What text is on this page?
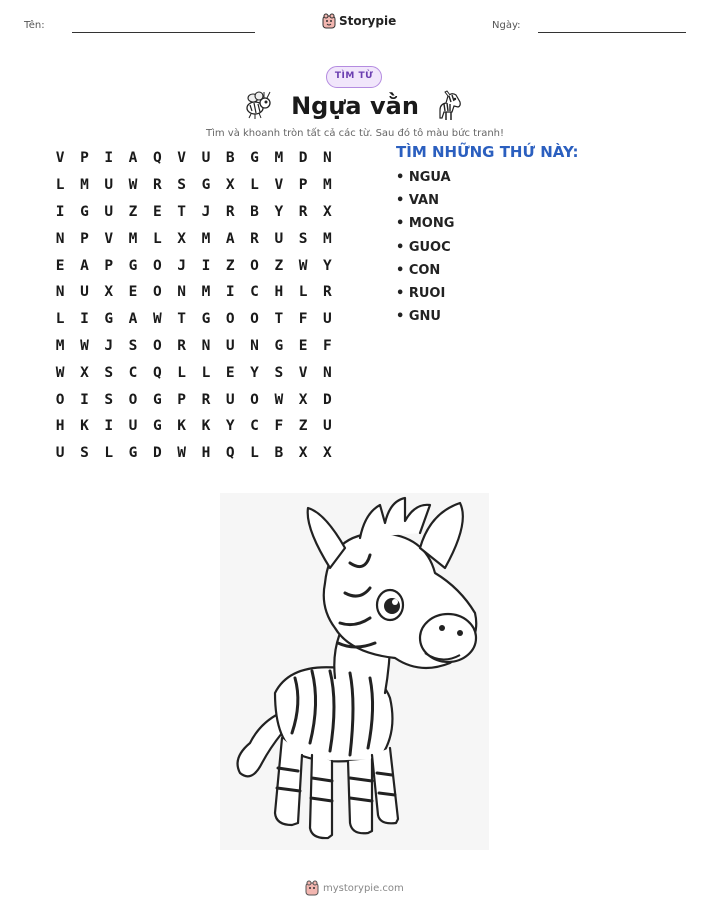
Tên:	Storypie	Ngày:
TÌM TỪ
Ngựa vằn
Tìm và khoanh tròn tất cả các từ. Sau đó tô màu bức tranh!
V	P	I	A	Q	V	U	B	G	M	D	N
L	M	U	W	R	S	G	X	L	V	P	M
I	G	U	Z	E	T	J	R	B	Y	R	X
N	P	V	M	L	X	M	A	R	U	S	M
E	A	P	G	O	J	I	Z	O	Z	W	Y
N	U	X	E	O	N	M	I	C	H	L	R
L	I	G	A	W	T	G	O	O	T	F	U
M	W	J	S	O	R	N	U	N	G	E	F
W	X	S	C	Q	L	L	E	Y	S	V	N
O	I	S	O	G	P	R	U	O	W	X	D
H	K	I	U	G	K	K	Y	C	F	Z	U
U	S	L	G	D	W	H	Q	L	B	X	X
TÌM NHỮNG THỨ NÀY:
• NGUA
• VAN
• MONG
• GUOC
• CON
• RUOI
• GNU
mystorypie.com
